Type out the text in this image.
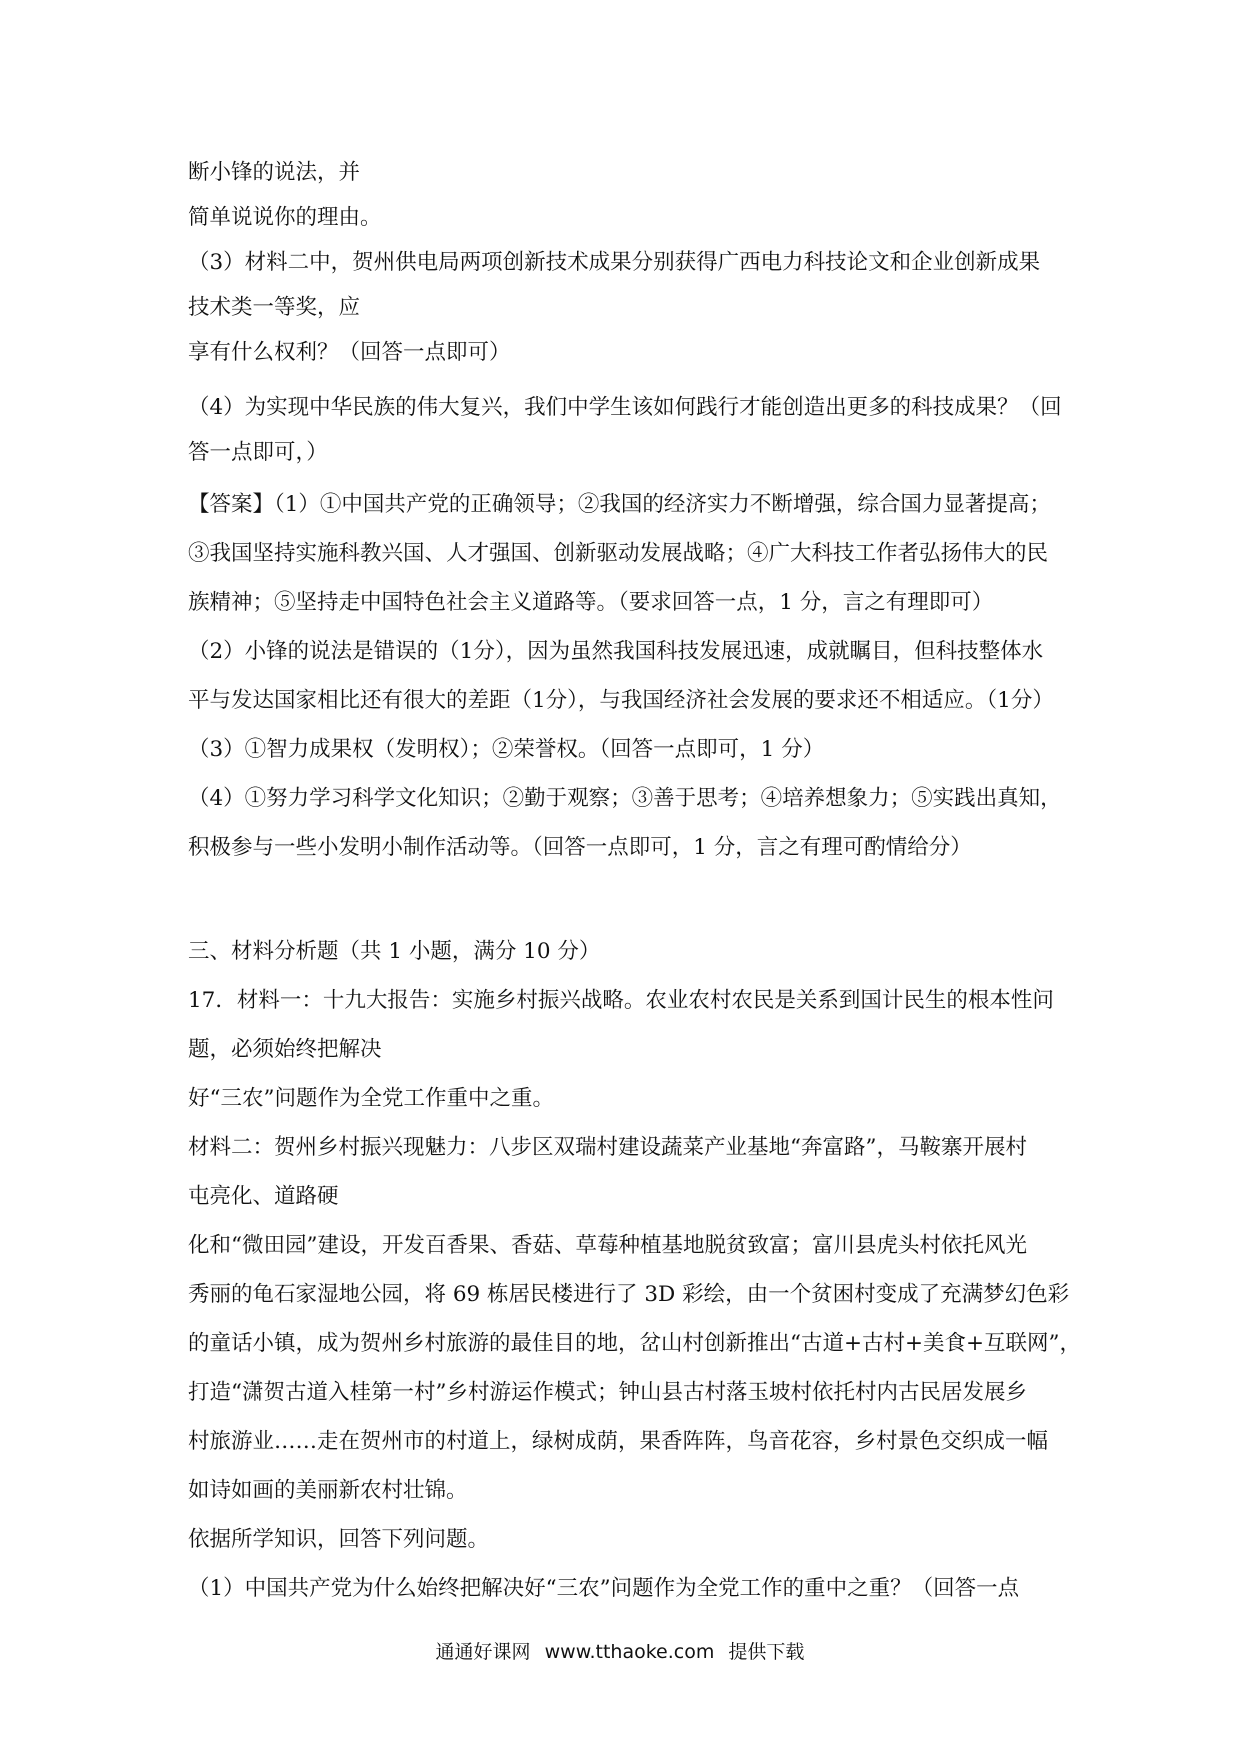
断小锋的说法，并
简单说说你的理由。
（3）材料二中，贺州供电局两项创新技术成果分别获得广西电力科技论文和企业创新成果
技术类一等奖，应
享有什么权利？（回答一点即可）
（4）为实现中华民族的伟大复兴，我们中学生该如何践行才能创造出更多的科技成果？（回
答一点即可，）
【答案】（1）①中国共产党的正确领导；②我国的经济实力不断增强，综合国力显著提高；
③我国坚持实施科教兴国、人才强国、创新驱动发展战略；④广大科技工作者弘扬伟大的民
族精神；⑤坚持走中国特色社会主义道路等。（要求回答一点，1 分，言之有理即可）
（2）小锋的说法是错误的（1分），因为虽然我国科技发展迅速，成就瞩目，但科技整体水
平与发达国家相比还有很大的差距（1分），与我国经济社会发展的要求还不相适应。（1分）
（3）①智力成果权（发明权）；②荣誉权。（回答一点即可，1 分）
（4）①努力学习科学文化知识；②勤于观察；③善于思考；④培养想象力；⑤实践出真知，
积极参与一些小发明小制作活动等。（回答一点即可，1 分，言之有理可酌情给分）
三、材料分析题（共 1 小题，满分 10 分）
17．材料一：十九大报告：实施乡村振兴战略。农业农村农民是关系到国计民生的根本性问
题，必须始终把解决
好“三农”问题作为全党工作重中之重。
材料二：贺州乡村振兴现魅力：八步区双瑞村建设蔬菜产业基地“奔富路”，马鞍寨开展村
屯亮化、道路硬
化和“微田园”建设，开发百香果、香菇、草莓种植基地脱贫致富；富川县虎头村依托风光
秀丽的龟石家湿地公园，将 69 栋居民楼进行了 3D 彩绘，由一个贫困村变成了充满梦幻色彩
的童话小镇，成为贺州乡村旅游的最佳目的地，岔山村创新推出“古道+古村+美食+互联网”，
打造“潇贺古道入桂第一村”乡村游运作模式；钟山县古村落玉坡村依托村内古民居发展乡
村旅游业……走在贺州市的村道上，绿树成荫，果香阵阵，鸟音花容，乡村景色交织成一幅
如诗如画的美丽新农村壮锦。
依据所学知识，回答下列问题。
（1）中国共产党为什么始终把解决好“三农”问题作为全党工作的重中之重？（回答一点
通通好课网 www.tthaoke.com 提供下载
